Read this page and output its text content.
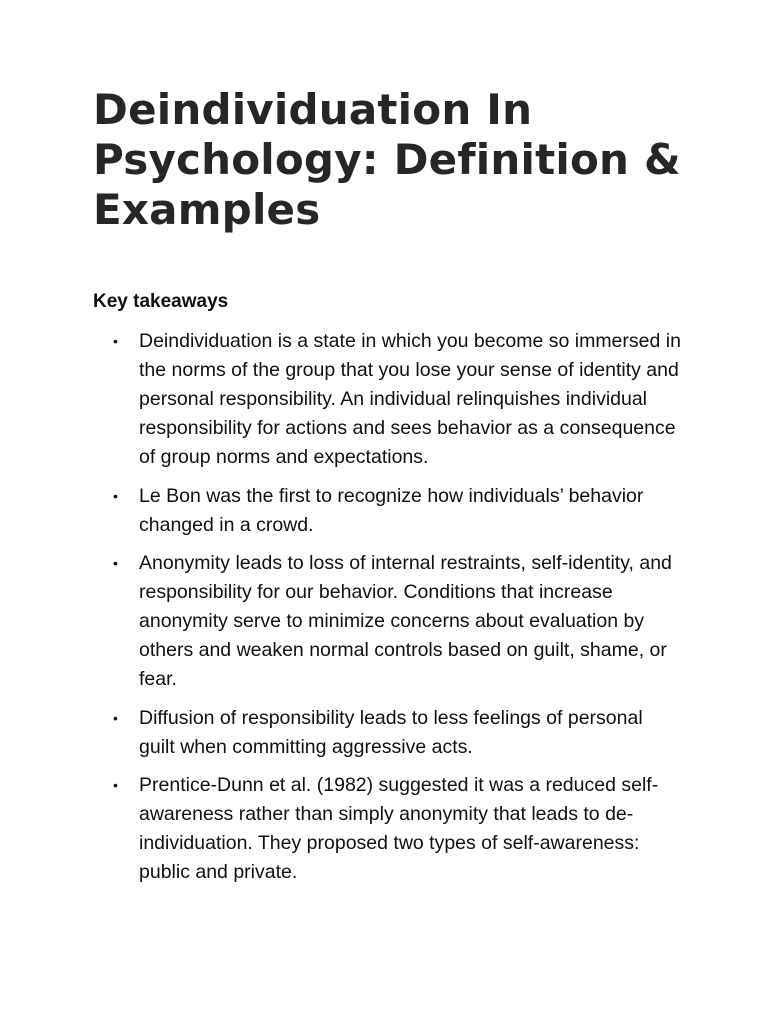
Deindividuation In Psychology: Definition & Examples
Key takeaways
• Deindividuation is a state in which you become so immersed in the norms of the group that you lose your sense of identity and personal responsibility. An individual relinquishes individual responsibility for actions and sees behavior as a consequence of group norms and expectations.
• Le Bon was the first to recognize how individuals’ behavior changed in a crowd.
• Anonymity leads to loss of internal restraints, self-identity, and responsibility for our behavior. Conditions that increase anonymity serve to minimize concerns about evaluation by others and weaken normal controls based on guilt, shame, or fear.
• Diffusion of responsibility leads to less feelings of personal guilt when committing aggressive acts.
• Prentice-Dunn et al. (1982) suggested it was a reduced self-awareness rather than simply anonymity that leads to de-individuation. They proposed two types of self-awareness: public and private.
